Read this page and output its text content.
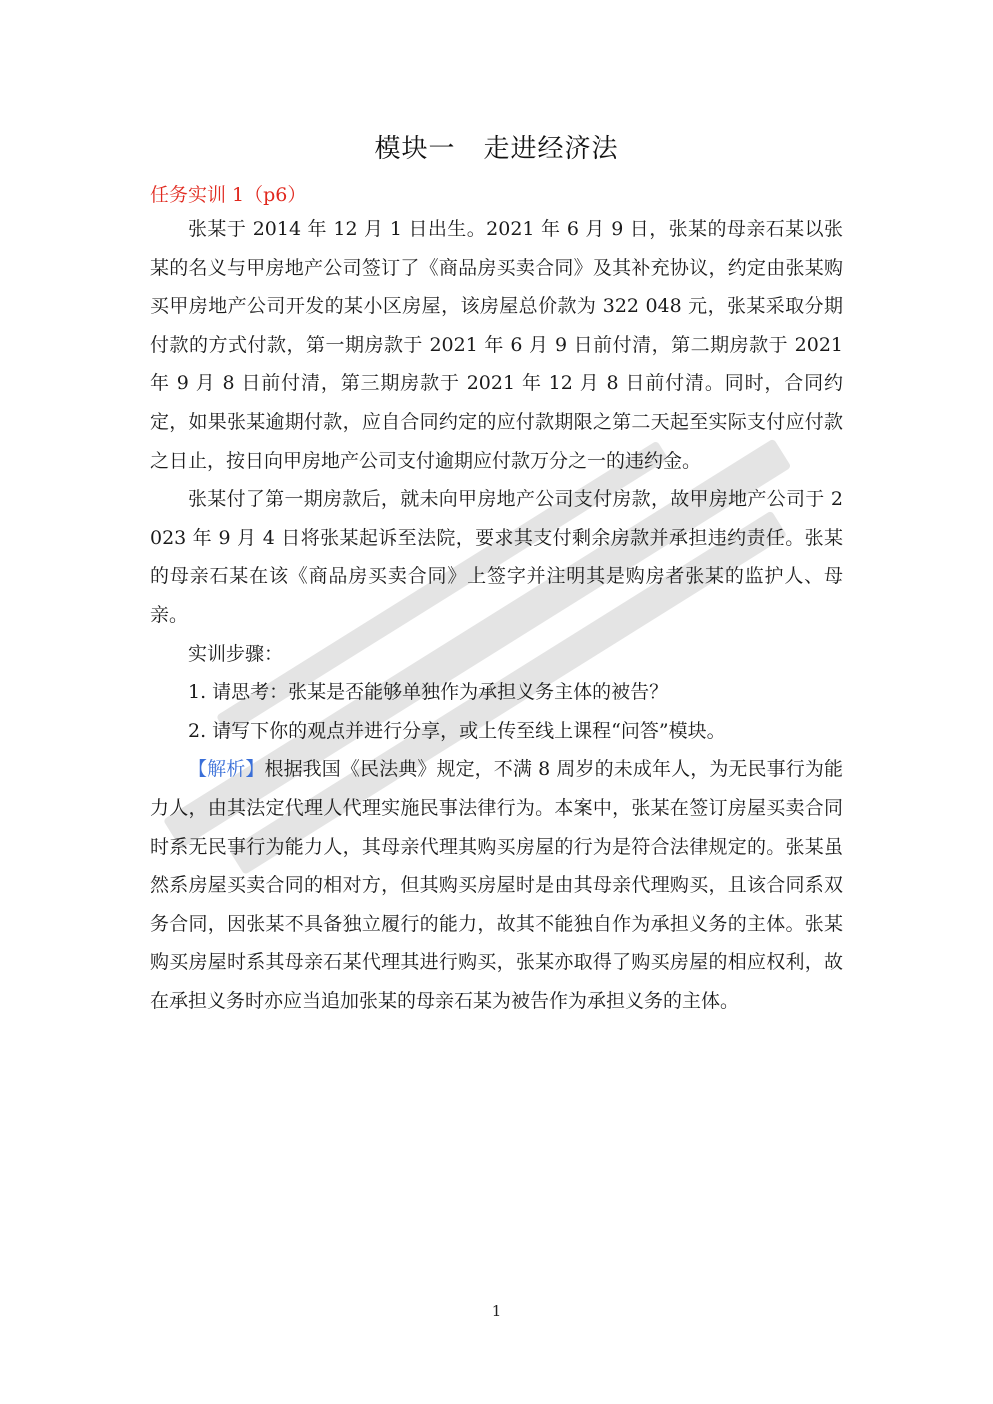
模块一 走进经济法
任务实训 1（p6）

张某于 2014 年 12 月 1 日出生。2021 年 6 月 9 日，张某的母亲石某以张某的名义与甲房地产公司签订了《商品房买卖合同》及其补充协议，约定由张某购买甲房地产公司开发的某小区房屋，该房屋总价款为 322 048 元，张某采取分期付款的方式付款，第一期房款于 2021 年 6 月 9 日前付清，第二期房款于 2021 年 9 月 8 日前付清，第三期房款于 2021 年 12 月 8 日前付清。同时，合同约定，如果张某逾期付款，应自合同约定的应付款期限之第二天起至实际支付应付款之日止，按日向甲房地产公司支付逾期应付款万分之一的违约金。

张某付了第一期房款后，就未向甲房地产公司支付房款，故甲房地产公司于 2023 年 9 月 4 日将张某起诉至法院，要求其支付剩余房款并承担违约责任。张某的母亲石某在该《商品房买卖合同》上签字并注明其是购房者张某的监护人、母亲。

实训步骤：

1. 请思考：张某是否能够单独作为承担义务主体的被告？

2. 请写下你的观点并进行分享，或上传至线上课程“问答”模块。

【解析】根据我国《民法典》规定，不满 8 周岁的未成年人，为无民事行为能力人，由其法定代理人代理实施民事法律行为。本案中，张某在签订房屋买卖合同时系无民事行为能力人，其母亲代理其购买房屋的行为是符合法律规定的。张某虽然系房屋买卖合同的相对方，但其购买房屋时是由其母亲代理购买，且该合同系双务合同，因张某不具备独立履行的能力，故其不能独自作为承担义务的主体。张某购买房屋时系其母亲石某代理其进行购买，张某亦取得了购买房屋的相应权利，故在承担义务时亦应当追加张某的母亲石某为被告作为承担义务的主体。

1
